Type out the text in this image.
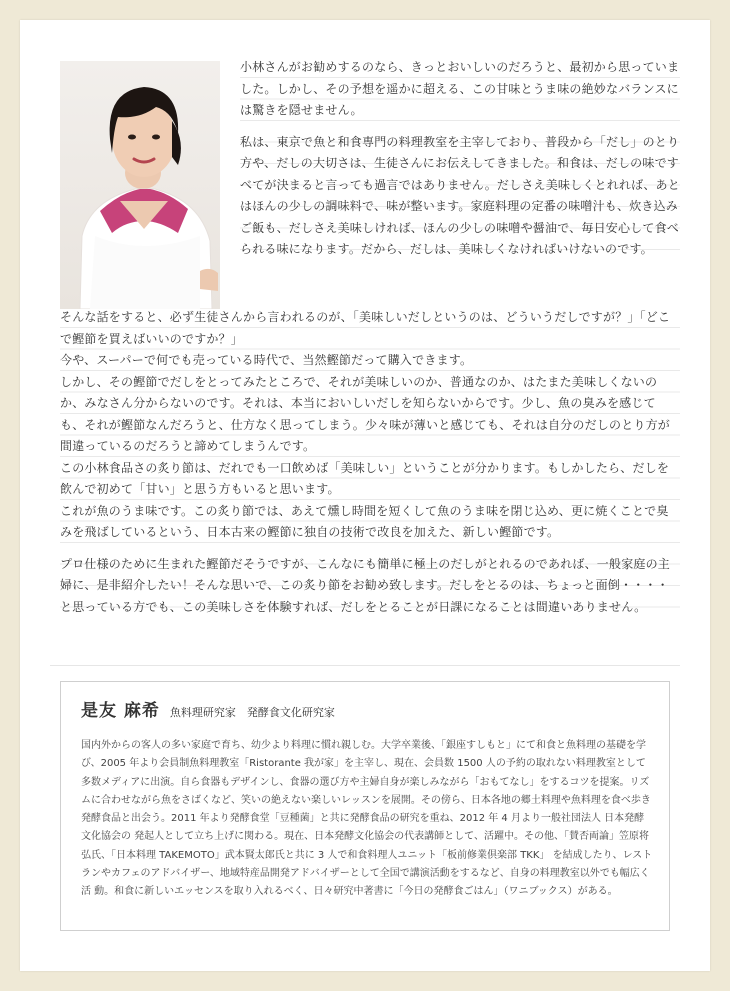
小林さんがお勧めするのなら、きっとおいしいのだろうと、最初から思っていました。しかし、その予想を遥かに超える、この甘味とうま味の絶妙なバランスには驚きを隠せません。

私は、東京で魚と和食専門の料理教室を主宰しており、普段から「だし」のとり方や、だしの大切さは、生徒さんにお伝えしてきました。和食は、だしの味ですべてが決まると言っても過言ではありません。だしさえ美味しくとれれば、あとはほんの少しの調味料で、味が整います。家庭料理の定番の味噌汁も、炊き込みご飯も、だしさえ美味しければ、ほんの少しの味噌や醤油で、毎日安心して食べられる味になります。だから、だしは、美味しくなければいけないのです。

そんな話をすると、必ず生徒さんから言われるのが、「美味しいだしというのは、どういうだしですが？」「どこで鰹節を買えばいいのですか？」

今や、スーパーで何でも売っている時代で、当然鰹節だって購入できます。

しかし、その鰹節でだしをとってみたところで、それが美味しいのか、普通なのか、はたまた美味しくないのか、みなさん分からないのです。それは、本当においしいだしを知らないからです。少し、魚の臭みを感じても、それが鰹節なんだろうと、仕方なく思ってしまう。少々味が薄いと感じても、それは自分のだしのとり方が間違っているのだろうと諦めてしまうんです。

この小林食品さの炙り節は、だれでも一口飲めば「美味しい」ということが分かります。もしかしたら、だしを飲んで初めて「甘い」と思う方もいると思います。

これが魚のうま味です。この炙り節では、あえて燻し時間を短くして魚のうま味を閉じ込め、更に焼くことで臭みを飛ばしているという、日本古来の鰹節に独自の技術で改良を加えた、新しい鰹節です。

プロ仕様のために生まれた鰹節だそうですが、こんなにも簡単に極上のだしがとれるのであれば、一般家庭の主婦に、是非紹介したい！そんな思いで、この炙り節をお勧め致します。だしをとるのは、ちょっと面倒・・・・と思っている方でも、この美味しさを体験すれば、だしをとることが日課になることは間違いありません。

是友 麻希 魚料理研究家　発酵食文化研究家
国内外からの客人の多い家庭で育ち、幼少より料理に慣れ親しむ。大学卒業後、「銀座すしもと」にて和食と魚料理の基礎を学び、2005 年より会員制魚料理教室「Ristorante 我が家」を主宰し、現在、会員数 1500 人の予約の取れない料理教室として多数メディアに出演。自ら食器もデザインし、食器の選び方や主婦自身が楽しみながら「おもてなし」をするコツを提案。リズムに合わせながら魚をさばくなど、笑いの絶えない楽しいレッスンを展開。その傍ら、日本各地の郷土料理や魚料理を食べ歩き発酵食品と出会う。2011 年より発酵食堂「豆種菌」と共に発酵食品の研究を重ね、2012 年 4 月より一般社団法人 日本発酵文化協会の 発起人として立ち上げに関わる。現在、日本発酵文化協会の代表講師として、活躍中。その他、「賛否両論」笠原将弘氏、「日本料理 TAKEMOTO」武本賢太郎氏と共に 3 人で和食料理人ユニット「板前修業倶楽部 TKK」 を結成したり、レストランやカフェのアドバイザー、地域特産品開発アドバイザーとして全国で講演活動をするなど、自身の料理教室以外でも幅広く活 動。和食に新しいエッセンスを取り入れるべく、日々研究中著書に「今日の発酵食ごはん」（ワニブックス）がある。
